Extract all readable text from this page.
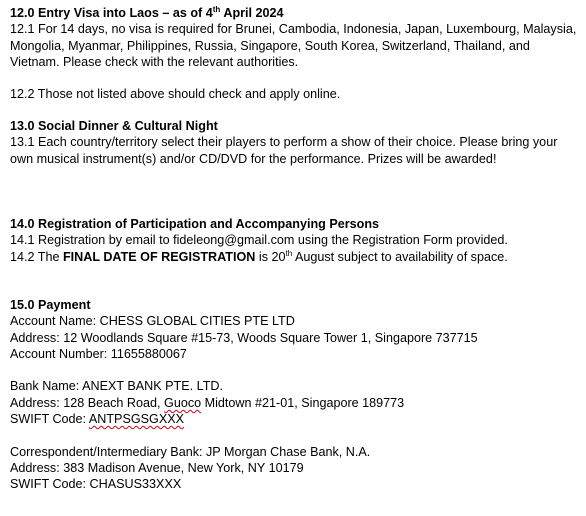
12.0 Entry Visa into Laos – as of 4th April 2024

12.1 For 14 days, no visa is required for Brunei, Cambodia, Indonesia, Japan, Luxembourg, Malaysia, Mongolia, Myanmar, Philippines, Russia, Singapore, South Korea, Switzerland, Thailand, and Vietnam. Please check with the relevant authorities.

12.2 Those not listed above should check and apply online.

13.0 Social Dinner & Cultural Night

13.1 Each country/territory select their players to perform a show of their choice. Please bring your own musical instrument(s) and/or CD/DVD for the performance. Prizes will be awarded!

14.0 Registration of Participation and Accompanying Persons

14.1 Registration by email to fideleong@gmail.com using the Registration Form provided.

14.2 The FINAL DATE OF REGISTRATION is 20th August subject to availability of space.

15.0 Payment

Account Name: CHESS GLOBAL CITIES PTE LTD

Address: 12 Woodlands Square #15-73, Woods Square Tower 1, Singapore 737715

Account Number: 11655880067

Bank Name: ANEXT BANK PTE. LTD.

Address: 128 Beach Road, Guoco Midtown #21-01, Singapore 189773

SWIFT Code: ANTPSGSGXXX

Correspondent/Intermediary Bank: JP Morgan Chase Bank, N.A.

Address: 383 Madison Avenue, New York, NY 10179

SWIFT Code: CHASUS33XXX
